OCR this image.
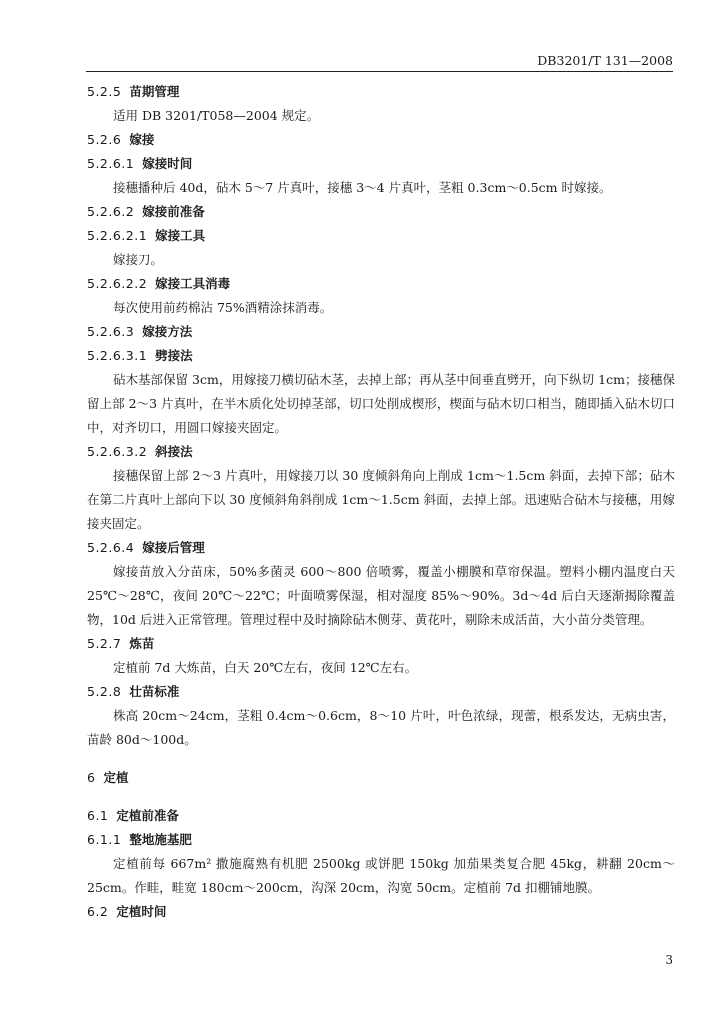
DB3201/T 131—2008
5.2.5 苗期管理
适用 DB 3201/T058—2004 规定。
5.2.6 嫁接
5.2.6.1 嫁接时间
接穗播种后 40d，砧木 5～7 片真叶，接穗 3～4 片真叶，茎粗 0.3cm～0.5cm 时嫁接。
5.2.6.2 嫁接前准备
5.2.6.2.1 嫁接工具
嫁接刀。
5.2.6.2.2 嫁接工具消毒
每次使用前药棉沾 75%酒精涂抹消毒。
5.2.6.3 嫁接方法
5.2.6.3.1 劈接法
砧木基部保留 3cm，用嫁接刀横切砧木茎，去掉上部；再从茎中间垂直劈开，向下纵切 1cm；接穗保留上部 2～3 片真叶，在半木质化处切掉茎部，切口处削成楔形，楔面与砧木切口相当，随即插入砧木切口中，对齐切口，用圆口嫁接夹固定。
5.2.6.3.2 斜接法
接穗保留上部 2～3 片真叶，用嫁接刀以 30 度倾斜角向上削成 1cm～1.5cm 斜面，去掉下部；砧木在第二片真叶上部向下以 30 度倾斜角斜削成 1cm～1.5cm 斜面，去掉上部。迅速贴合砧木与接穗，用嫁接夹固定。
5.2.6.4 嫁接后管理
嫁接苗放入分苗床，50%多菌灵 600～800 倍喷雾，覆盖小棚膜和草帘保温。塑料小棚内温度白天 25℃～28℃，夜间 20℃～22℃；叶面喷雾保湿，相对湿度 85%～90%。3d～4d 后白天逐渐揭除覆盖物，10d 后进入正常管理。管理过程中及时摘除砧木侧芽、黄花叶，剔除未成活苗，大小苗分类管理。
5.2.7 炼苗
定植前 7d 大炼苗，白天 20℃左右，夜间 12℃左右。
5.2.8 壮苗标准
株高 20cm～24cm，茎粗 0.4cm～0.6cm，8～10 片叶，叶色浓绿，现蕾，根系发达，无病虫害，苗龄 80d～100d。
6 定植
6.1 定植前准备
6.1.1 整地施基肥
定植前每 667m² 撒施腐熟有机肥 2500kg 或饼肥 150kg 加茄果类复合肥 45kg，耕翻 20cm～25cm。作畦，畦宽 180cm～200cm，沟深 20cm，沟宽 50cm。定植前 7d 扣棚铺地膜。
6.2 定植时间
3
